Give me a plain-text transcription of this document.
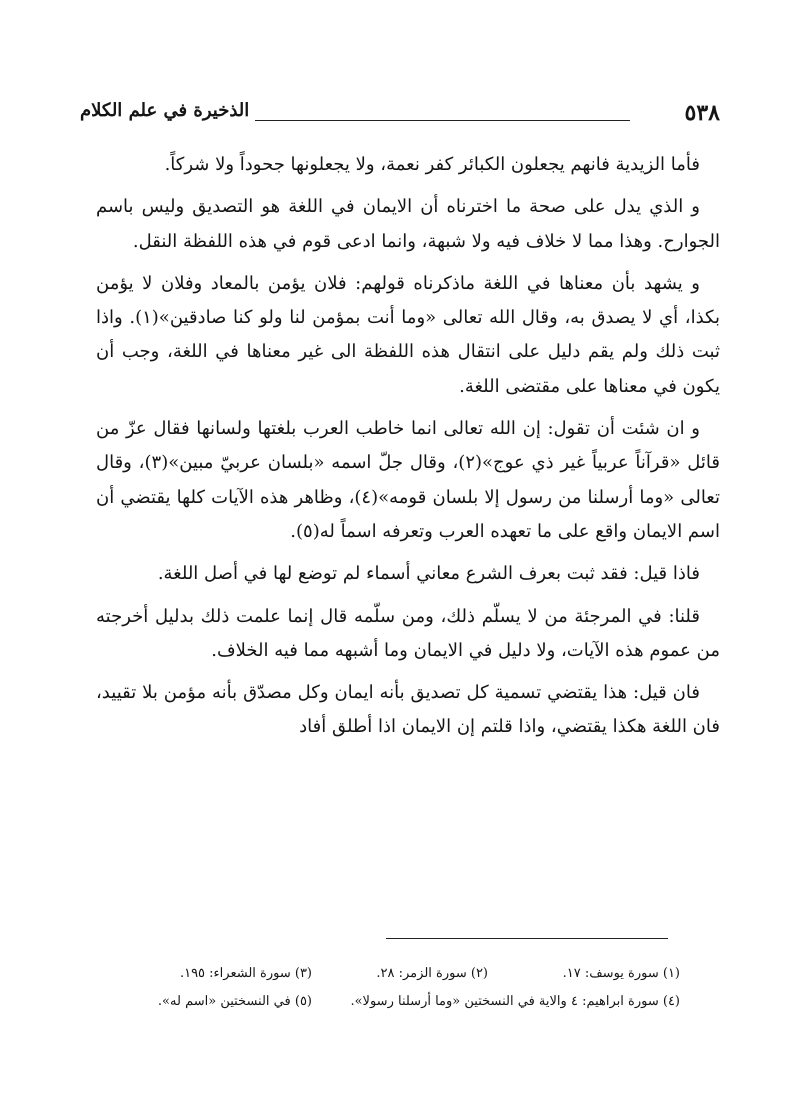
٥٣٨
الذخيرة في علم الكلام

فأما الزيدية فانهم يجعلون الكبائر كفر نعمة، ولا يجعلونها جحوداً ولا شركاً.

و الذي يدل على صحة ما اخترناه أن الايمان في اللغة هو التصديق وليس باسم الجوارح. وهذا مما لا خلاف فيه ولا شبهة، وانما ادعى قوم في هذه اللفظة النقل.

و يشهد بأن معناها في اللغة ماذكرناه قولهم: فلان يؤمن بالمعاد وفلان لا يؤمن بكذا، أي لا يصدق به، وقال الله تعالى «وما أنت بمؤمن لنا ولو كنا صادقين»(١). واذا ثبت ذلك ولم يقم دليل على انتقال هذه اللفظة الى غير معناها في اللغة، وجب أن يكون في معناها على مقتضى اللغة.

و ان شئت أن تقول: إن الله تعالى انما خاطب العرب بلغتها ولسانها فقال عزّ من قائل «قرآناً عربياً غير ذي عوج»(٢)، وقال جلّ اسمه «بلسان عربيّ مبين»(٣)، وقال تعالى «وما أرسلنا من رسول إلا بلسان قومه»(٤)، وظاهر هذه الآيات كلها يقتضي أن اسم الايمان واقع على ما تعهده العرب وتعرفه اسماً له(٥).

فاذا قيل: فقد ثبت بعرف الشرع معاني أسماء لم توضع لها في أصل اللغة.

قلنا: في المرجئة من لا يسلّم ذلك، ومن سلّمه قال إنما علمت ذلك بدليل أخرجته من عموم هذه الآيات، ولا دليل في الايمان وما أشبهه مما فيه الخلاف.

فان قيل: هذا يقتضي تسمية كل تصديق بأنه ايمان وكل مصدّق بأنه مؤمن بلا تقييد، فان اللغة هكذا يقتضي، واذا قلتم إن الايمان اذا أطلق أفاد

(١) سورة يوسف: ١٧.
(٢) سورة الزمر: ٢٨.
(٣) سورة الشعراء: ١٩٥.
(٤) سورة ابراهيم: ٤ والاية في النسختين «وما أرسلنا رسولا».
(٥) في النسختين «اسم له».
